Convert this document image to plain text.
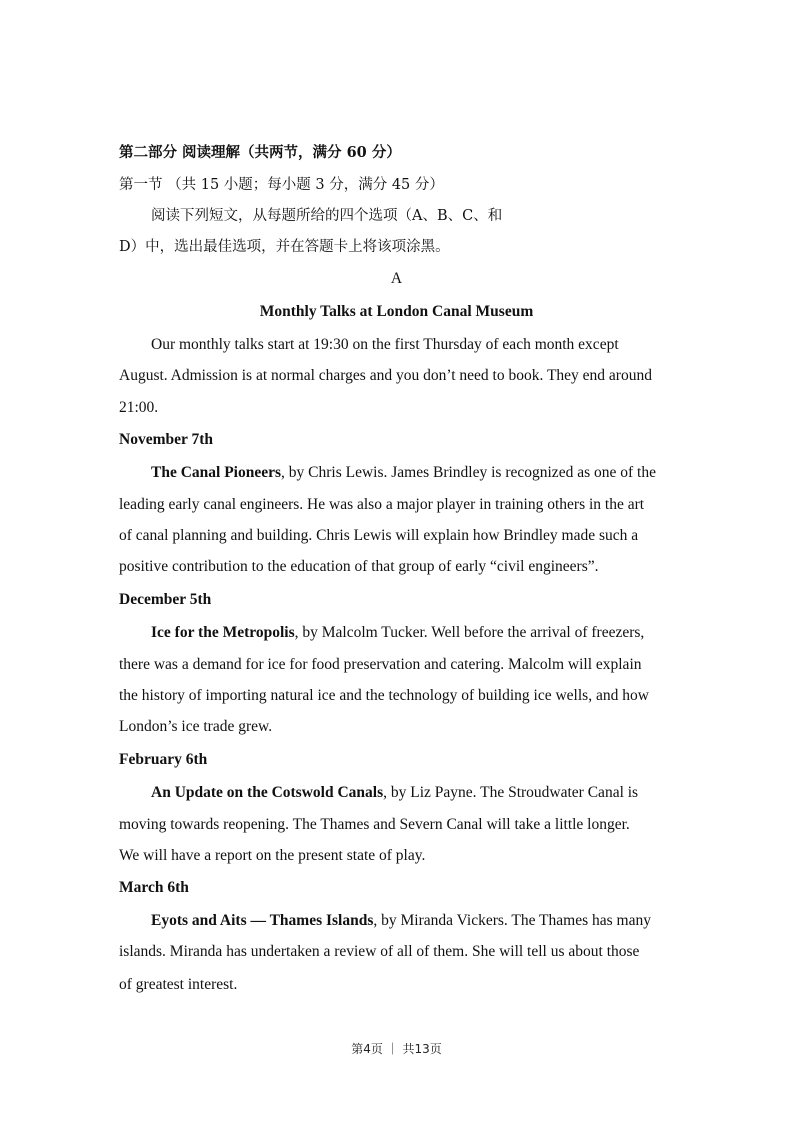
第二部分 阅读理解（共两节，满分 60 分）
第一节 （共 15 小题；每小题 3 分，满分 45 分）
阅读下列短文，从每题所给的四个选项（A、B、C、和
D）中，选出最佳选项，并在答题卡上将该项涂黑。
A
Monthly Talks at London Canal Museum
Our monthly talks start at 19:30 on the first Thursday of each month except
August. Admission is at normal charges and you don’t need to book. They end around
21:00.
November 7th
The Canal Pioneers, by Chris Lewis. James Brindley is recognized as one of the
leading early canal engineers. He was also a major player in training others in the art
of canal planning and building. Chris Lewis will explain how Brindley made such a
positive contribution to the education of that group of early “civil engineers”.
December 5th
Ice for the Metropolis, by Malcolm Tucker. Well before the arrival of freezers,
there was a demand for ice for food preservation and catering. Malcolm will explain
the history of importing natural ice and the technology of building ice wells, and how
London’s ice trade grew.
February 6th
An Update on the Cotswold Canals, by Liz Payne. The Stroudwater Canal is
moving towards reopening. The Thames and Severn Canal will take a little longer.
We will have a report on the present state of play.
March 6th
Eyots and Aits — Thames Islands, by Miranda Vickers. The Thames has many
islands. Miranda has undertaken a review of all of them. She will tell us about those
of greatest interest.
第4页 ｜ 共13页
